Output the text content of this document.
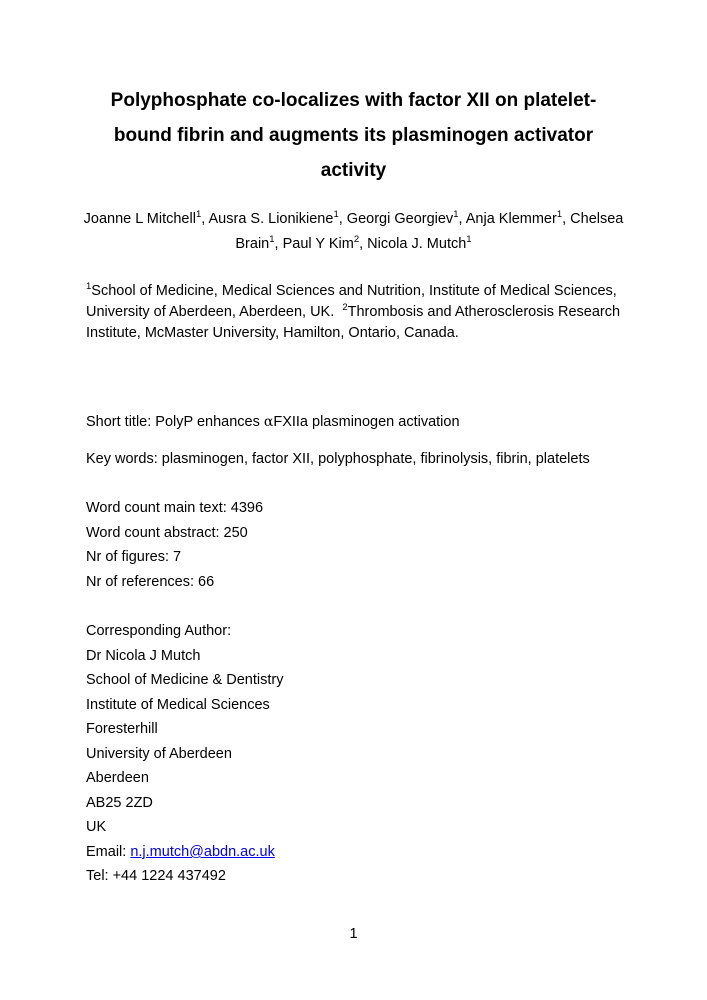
Polyphosphate co-localizes with factor XII on platelet-
bound fibrin and augments its plasminogen activator
activity
Joanne L Mitchell$^1$, Ausra S. Lionikiene$^1$, Georgi Georgiev$^1$, Anja Klemmer$^1$, Chelsea Brain$^1$, Paul Y Kim$^2$, Nicola J. Mutch$^1$
$^1$School of Medicine, Medical Sciences and Nutrition, Institute of Medical Sciences, University of Aberdeen, Aberdeen, UK. $^2$Thrombosis and Atherosclerosis Research Institute, McMaster University, Hamilton, Ontario, Canada.
Short title: PolyP enhances αFXIIa plasminogen activation
Key words: plasminogen, factor XII, polyphosphate, fibrinolysis, fibrin, platelets
Word count main text: 4396
Word count abstract: 250
Nr of figures: 7
Nr of references: 66
Corresponding Author:
Dr Nicola J Mutch
School of Medicine & Dentistry
Institute of Medical Sciences
Foresterhill
University of Aberdeen
Aberdeen
AB25 2ZD
UK
Email: n.j.mutch@abdn.ac.uk
Tel: +44 1224 437492
1
